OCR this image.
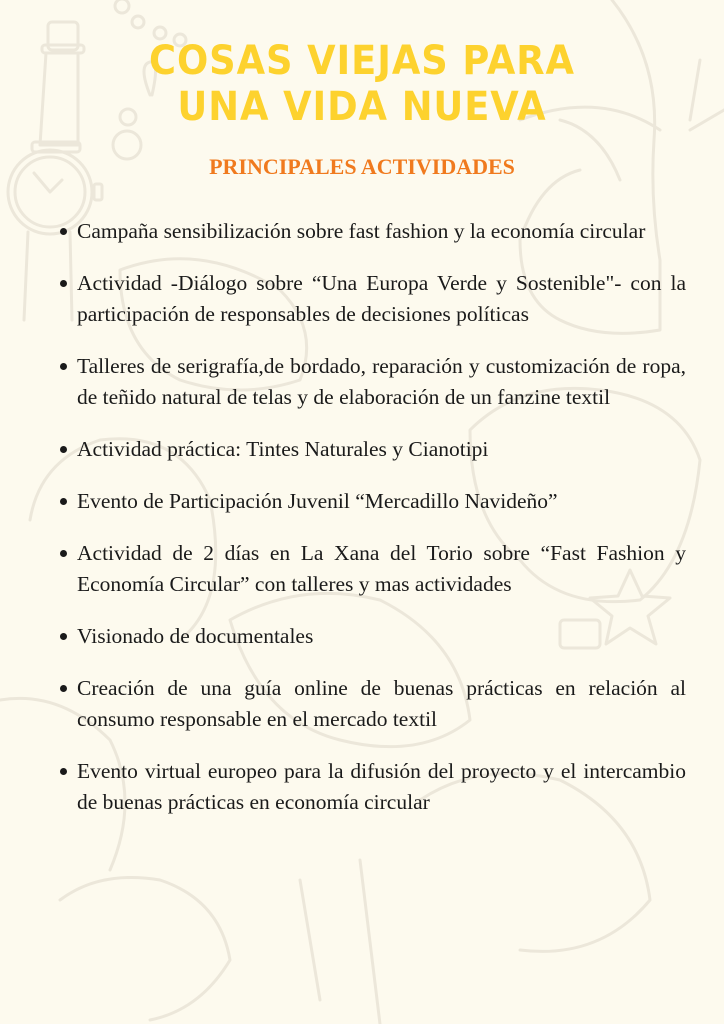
COSAS VIEJAS PARA
UNA VIDA NUEVA
PRINCIPALES ACTIVIDADES
Campaña sensibilización sobre fast fashion y la economía circular
Actividad -Diálogo sobre “Una Europa Verde y Sostenible"- con la participación de responsables de decisiones políticas
Talleres de serigrafía,de bordado, reparación y customización de ropa, de teñido natural de telas y de elaboración de un fanzine textil
Actividad práctica: Tintes Naturales y Cianotipi
Evento de Participación Juvenil “Mercadillo Navideño”
Actividad de 2 días en La Xana del Torio sobre “Fast Fashion y Economía Circular” con talleres y mas actividades
Visionado de documentales
Creación de una guía online de buenas prácticas en relación al consumo responsable en el mercado textil
Evento virtual europeo para la difusión del proyecto y el intercambio de buenas prácticas en economía circular
